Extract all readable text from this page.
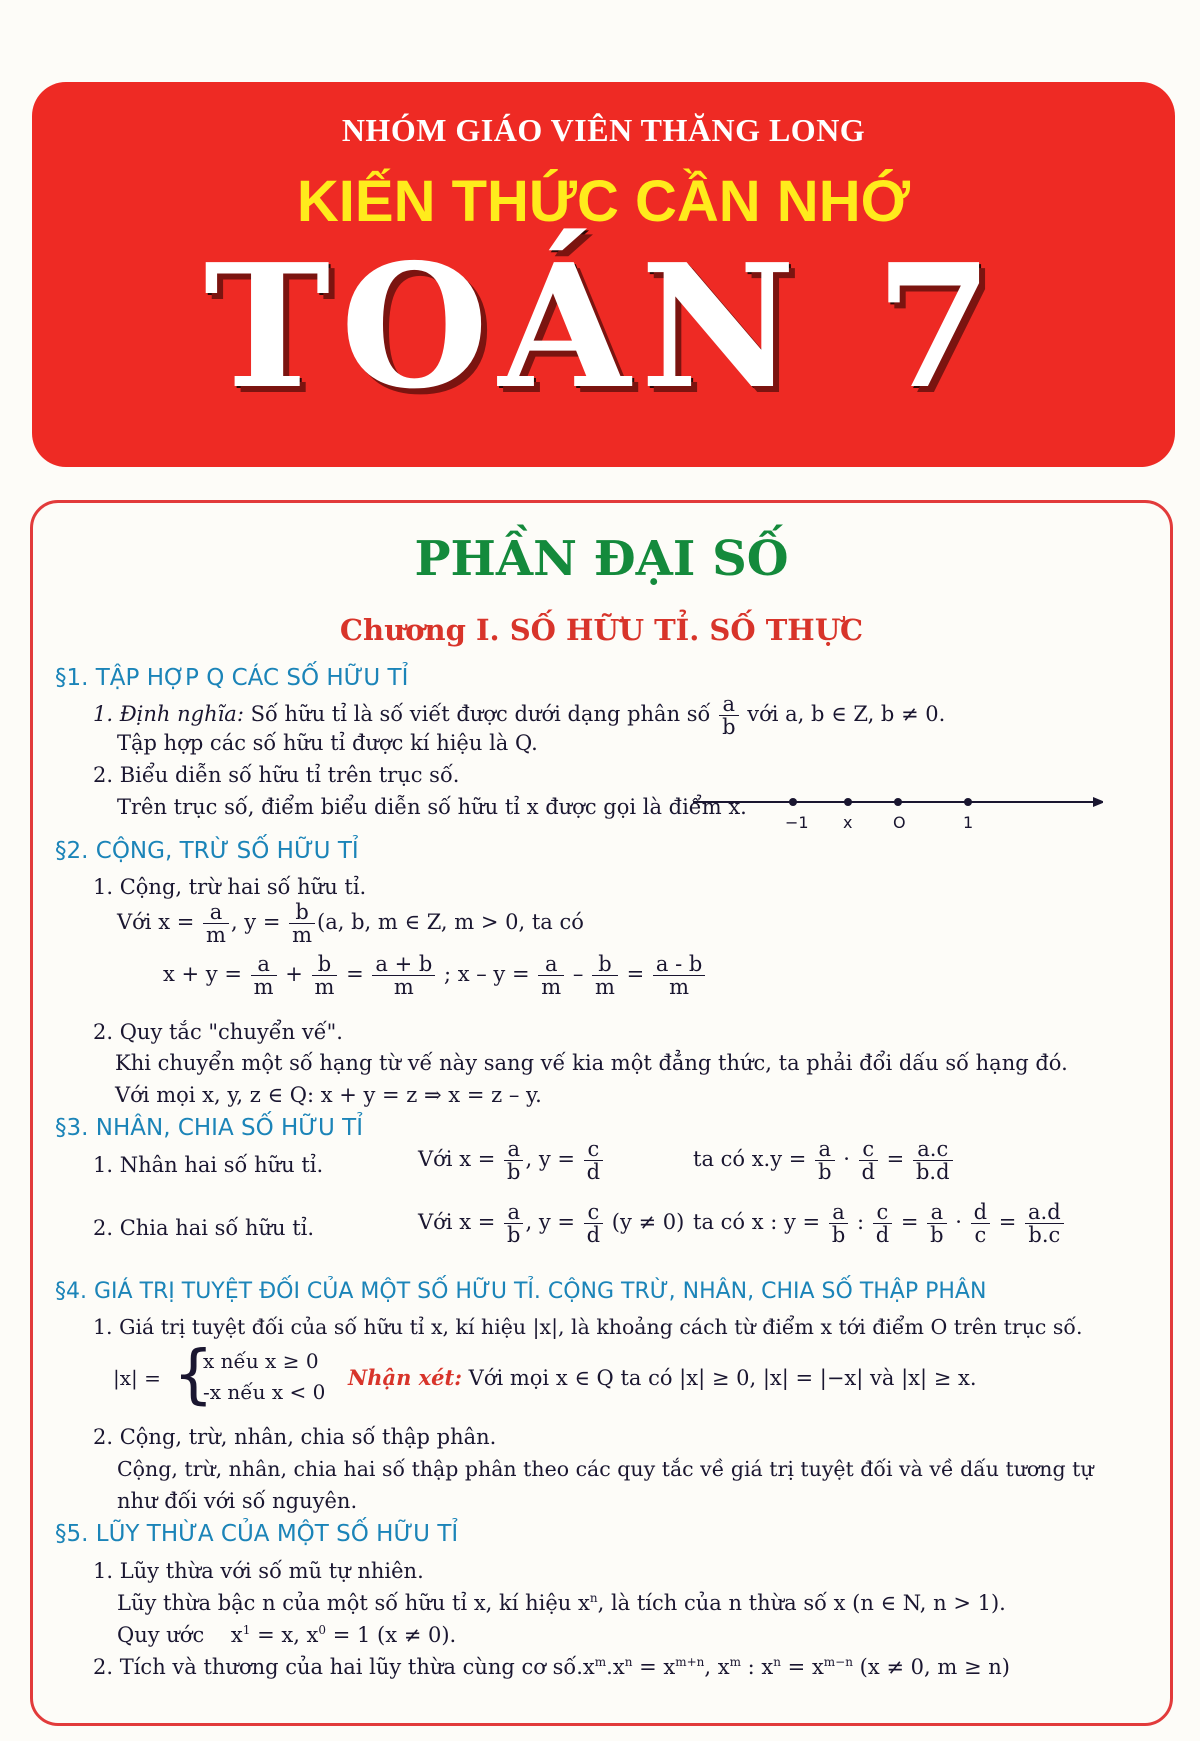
NHÓM GIÁO VIÊN THĂNG LONG
KIẾN THỨC CẦN NHỚ
TOÁN 7
PHẦN ĐẠI SỐ
Chương I. SỐ HỮU TỈ. SỐ THỰC
§1. TẬP HỢP Q CÁC SỐ HỮU TỈ
1. Định nghĩa: Số hữu tỉ là số viết được dưới dạng phân số $\frac{a}{b}$ với a, b ∈ Z, b ≠ 0.
Tập hợp các số hữu tỉ được kí hiệu là Q.
2. Biểu diễn số hữu tỉ trên trục số.
Trên trục số, điểm biểu diễn số hữu tỉ x được gọi là điểm x.
−1 x	O	1
§2. CỘNG, TRỪ SỐ HỮU TỈ
1. Cộng, trừ hai số hữu tỉ.
Với $x = \frac{a}{m}$ , $y = \frac{b}{m} (a$, b, m ∈ Z, m > 0, ta có
$x + y = \frac{a}{m} + \frac{b}{m} = \frac{a + b}{m}$ ; $x - y = \frac{a}{m} - \frac{b}{m} = \frac{a - b}{m}$
2. Quy tắc "chuyển vế".
Khi chuyển một số hạng từ vế này sang vế kia một đẳng thức, ta phải đổi dấu số hạng đó.
Với mọi x, y, z ∈ Q: x + y = z ⇒ x = z – y.
§3. NHÂN, CHIA SỐ HỮU TỈ
1. Nhân hai số hữu tỉ.	Với $x = \frac{a}{b}$ , $y = \frac{c}{d}$	ta có $x.y = \frac{a}{b} \cdot \frac{c}{d} = \frac{a.c}{b.d}$
2. Chia hai số hữu tỉ.	Với $x = \frac{a}{b}$ , $y = \frac{c}{d} (y \ne 0)$ ta có x : $y = \frac{a}{b}$ : $\frac{c}{d} = \frac{a}{b} \cdot \frac{d}{c} = \frac{a.d}{b.c}$
§4. GIÁ TRỊ TUYỆT ĐỐI CỦA MỘT SỐ HỮU TỈ. CỘNG TRỪ, NHÂN, CHIA SỐ THẬP PHÂN
1. Giá trị tuyệt đối của số hữu tỉ x, kí hiệu |x|, là khoảng cách từ điểm x tới điểm O trên trục số.
|x| = {
x nếu x ≥ 0
-x nếu x < 0
Nhận xét: Với mọi x ∈ Q ta có |x| ≥ 0, |x| = |−x| và |x| ≥ x.
2. Cộng, trừ, nhân, chia số thập phân.
Cộng, trừ, nhân, chia hai số thập phân theo các quy tắc về giá trị tuyệt đối và về dấu tương tự
như đối với số nguyên.
§5. LŨY THỪA CỦA MỘT SỐ HỮU TỈ
1. Lũy thừa với số mũ tự nhiên.
Lũy thừa bậc n của một số hữu tỉ x, kí hiệu $x^n$, là tích của n thừa số x (n ∈ N, n > 1).
Quy ước    $x^1 = x$, $x^0 = 1$ (x ≠ 0).
2. Tích và thương của hai lũy thừa cùng cơ $số.x^m.x^n = x^{m+n}$, $x^m$ : $x^n = x^{m-n}$ (x ≠ 0, m ≥ n)
